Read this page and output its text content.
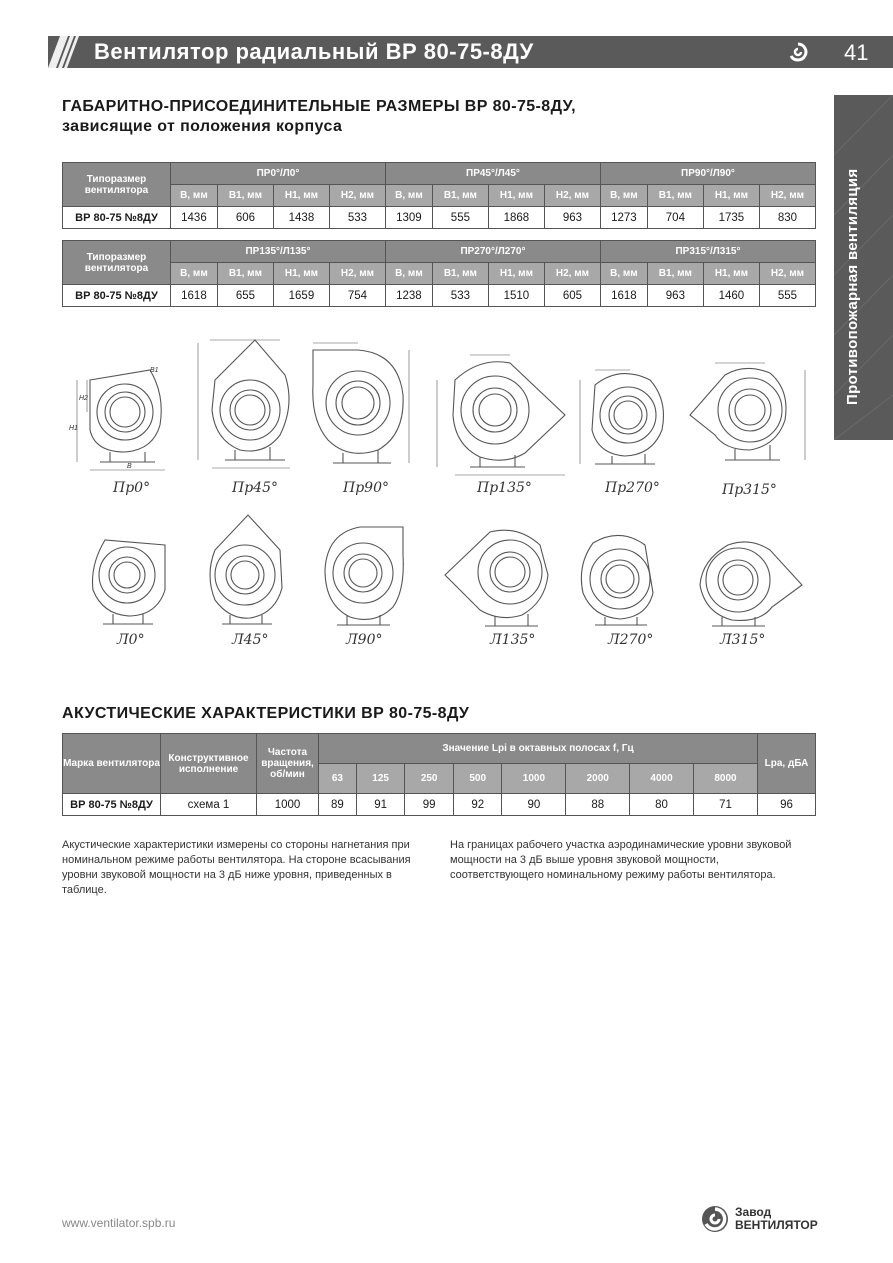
Вентилятор радиальный ВР 80-75-8ДУ	41
Противопожарная вентиляция
ГАБАРИТНО-ПРИСОЕДИНИТЕЛЬНЫЕ РАЗМЕРЫ ВР 80-75-8ДУ,
зависящие от положения корпуса
Типоразмер вентилятора	ПР0°/Л0°				ПР45°/Л45°				ПР90°/Л90°			
	B, мм	B1, мм	H1, мм	H2, мм	B, мм	B1, мм	H1, мм	H2, мм	B, мм	B1, мм	H1, мм	H2, мм
ВР 80-75 №8ДУ	1436	606	1438	533	1309	555	1868	963	1273	704	1735	830
Типоразмер вентилятора	ПР135°/Л135°				ПР270°/Л270°				ПР315°/Л315°			
	B, мм	B1, мм	H1, мм	H2, мм	B, мм	B1, мм	H1, мм	H2, мм	B, мм	B1, мм	H1, мм	H2, мм
ВР 80-75 №8ДУ	1618	655	1659	754	1238	533	1510	605	1618	963	1460	555
B1
H1
H2
B
Пр0°	Пр45°	Пр90°	Пр135°	Пр270°	Пр315°
Л0°	Л45°	Л90°	Л135°	Л270°	Л315°
АКУСТИЧЕСКИЕ ХАРАКТЕРИСТИКИ ВР 80-75-8ДУ
Марка вентилятора	Конструктивное исполнение	Частота вращения, об/мин	Значение Lpi в октавных полосах f, Гц								Lpa, дБА
			63	125	250	500	1000	2000	4000	8000	
ВР 80-75 №8ДУ	схема 1	1000	89	91	99	92	90	88	80	71	96
Акустические характеристики измерены со стороны нагнетания при номинальном режиме работы вентилятора. На стороне всасывания уровни звуковой мощности на 3 дБ ниже уровня, приведенных в таблице.
На границах рабочего участка аэродинамические уровни звуковой мощности на 3 дБ выше уровня звуковой мощности, соответствующего номинальному режиму работы вентилятора.
www.ventilator.spb.ru
Завод
ВЕНТИЛЯТОР
